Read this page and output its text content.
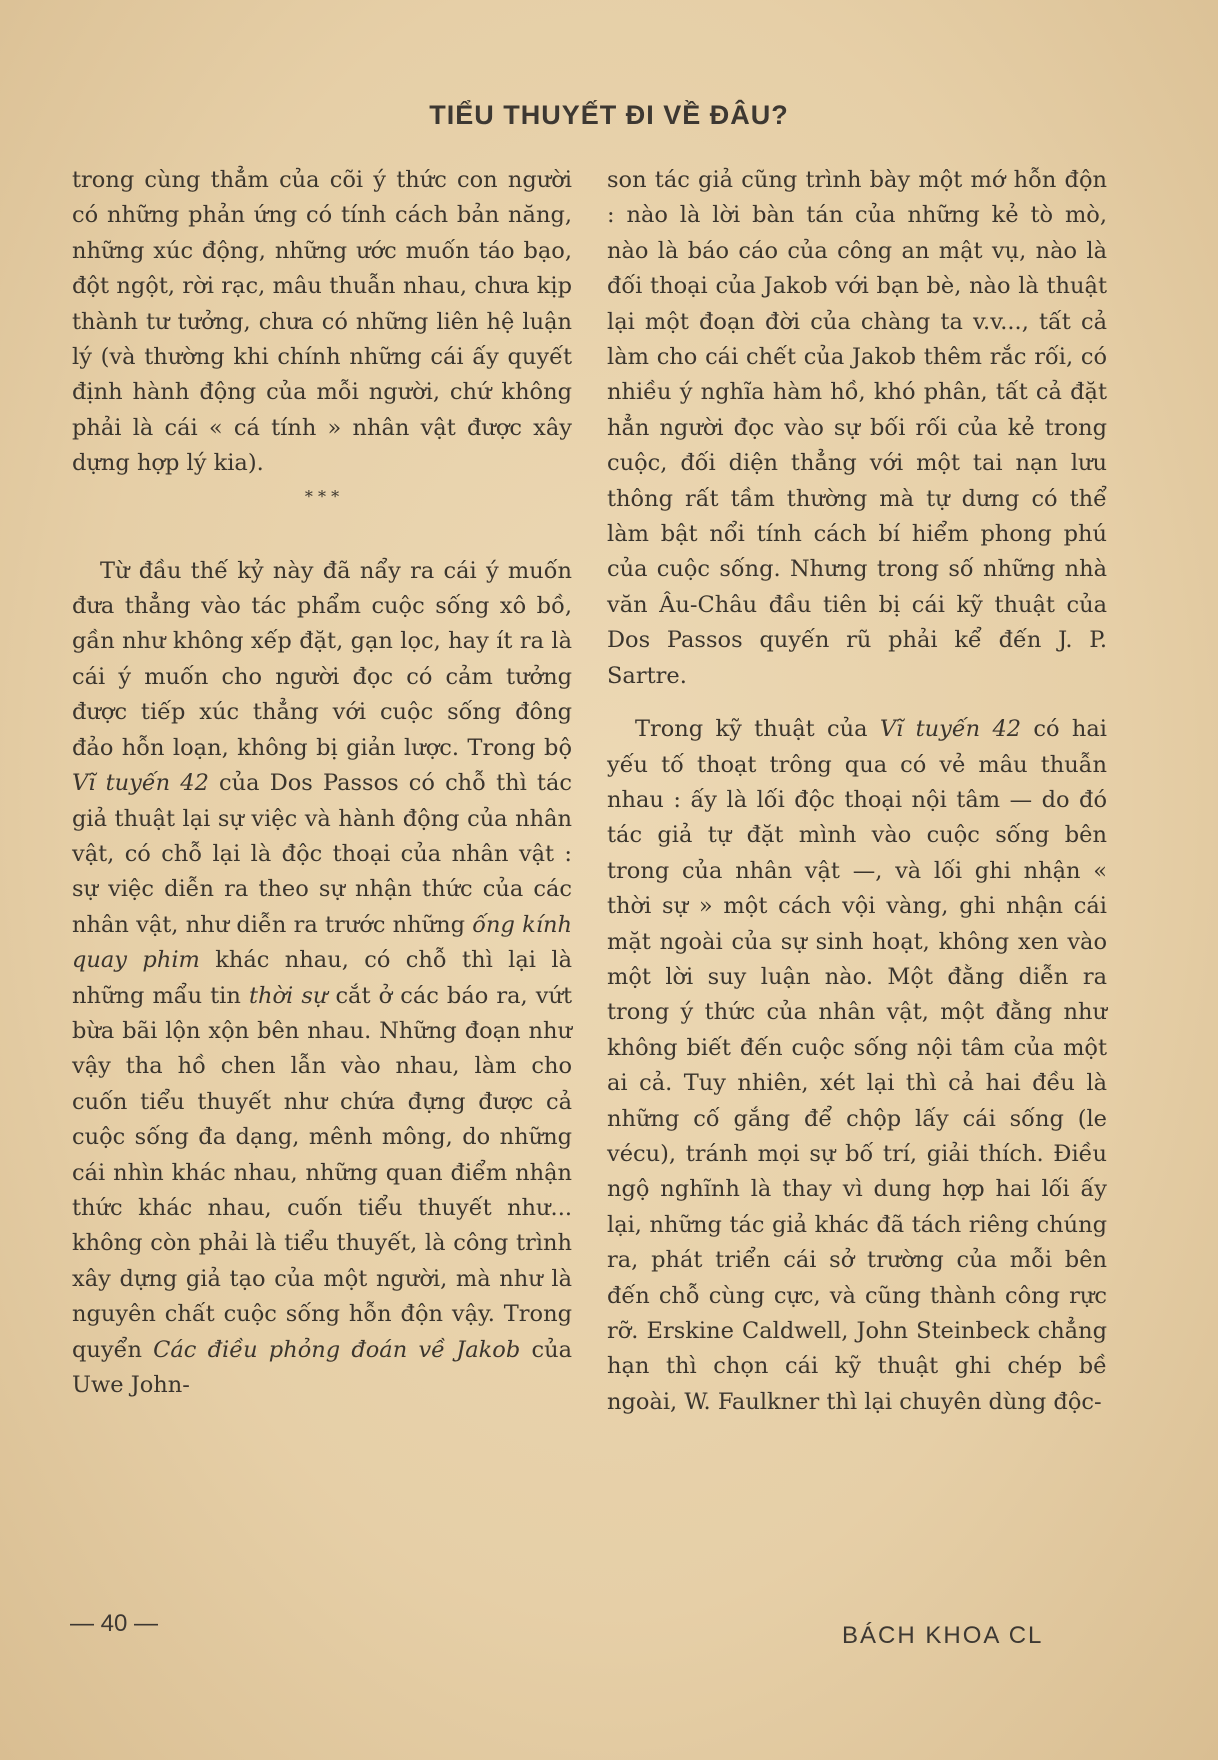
TIỂU THUYẾT ĐI VỀ ĐÂU?

trong cùng thẳm của cõi ý thức con người có những phản ứng có tính cách bản năng, những xúc động, những ước muốn táo bạo, đột ngột, rời rạc, mâu thuẫn nhau, chưa kịp thành tư tưởng, chưa có những liên hệ luận lý (và thường khi chính những cái ấy quyết định hành động của mỗi người, chứ không phải là cái « cá tính » nhân vật được xây dựng hợp lý kia).

* * *

Từ đầu thế kỷ này đã nẩy ra cái ý muốn đưa thẳng vào tác phẩm cuộc sống xô bồ, gần như không xếp đặt, gạn lọc, hay ít ra là cái ý muốn cho người đọc có cảm tưởng được tiếp xúc thẳng với cuộc sống đông đảo hỗn loạn, không bị giản lược. Trong bộ Vĩ tuyến 42 của Dos Passos có chỗ thì tác giả thuật lại sự việc và hành động của nhân vật, có chỗ lại là độc thoại của nhân vật : sự việc diễn ra theo sự nhận thức của các nhân vật, như diễn ra trước những ống kính quay phim khác nhau, có chỗ thì lại là những mẩu tin thời sự cắt ở các báo ra, vứt bừa bãi lộn xộn bên nhau. Những đoạn như vậy tha hồ chen lẫn vào nhau, làm cho cuốn tiểu thuyết như chứa đựng được cả cuộc sống đa dạng, mênh mông, do những cái nhìn khác nhau, những quan điểm nhận thức khác nhau, cuốn tiểu thuyết như... không còn phải là tiểu thuyết, là công trình xây dựng giả tạo của một người, mà như là nguyên chất cuộc sống hỗn độn vậy. Trong quyển Các điều phỏng đoán về Jakob của Uwe John-

son tác giả cũng trình bày một mớ hỗn độn : nào là lời bàn tán của những kẻ tò mò, nào là báo cáo của công an mật vụ, nào là đối thoại của Jakob với bạn bè, nào là thuật lại một đoạn đời của chàng ta v.v..., tất cả làm cho cái chết của Jakob thêm rắc rối, có nhiều ý nghĩa hàm hồ, khó phân, tất cả đặt hẳn người đọc vào sự bối rối của kẻ trong cuộc, đối diện thẳng với một tai nạn lưu thông rất tầm thường mà tự dưng có thể làm bật nổi tính cách bí hiểm phong phú của cuộc sống. Nhưng trong số những nhà văn Âu-Châu đầu tiên bị cái kỹ thuật của Dos Passos quyến rũ phải kể đến J. P. Sartre.

Trong kỹ thuật của Vĩ tuyến 42 có hai yếu tố thoạt trông qua có vẻ mâu thuẫn nhau : ấy là lối độc thoại nội tâm — do đó tác giả tự đặt mình vào cuộc sống bên trong của nhân vật —, và lối ghi nhận « thời sự » một cách vội vàng, ghi nhận cái mặt ngoài của sự sinh hoạt, không xen vào một lời suy luận nào. Một đằng diễn ra trong ý thức của nhân vật, một đằng như không biết đến cuộc sống nội tâm của một ai cả. Tuy nhiên, xét lại thì cả hai đều là những cố gắng để chộp lấy cái sống (le vécu), tránh mọi sự bố trí, giải thích. Điều ngộ nghĩnh là thay vì dung hợp hai lối ấy lại, những tác giả khác đã tách riêng chúng ra, phát triển cái sở trường của mỗi bên đến chỗ cùng cực, và cũng thành công rực rỡ. Erskine Caldwell, John Steinbeck chẳng hạn thì chọn cái kỹ thuật ghi chép bề ngoài, W. Faulkner thì lại chuyên dùng độc-

— 40 —	BÁCH KHOA CL
